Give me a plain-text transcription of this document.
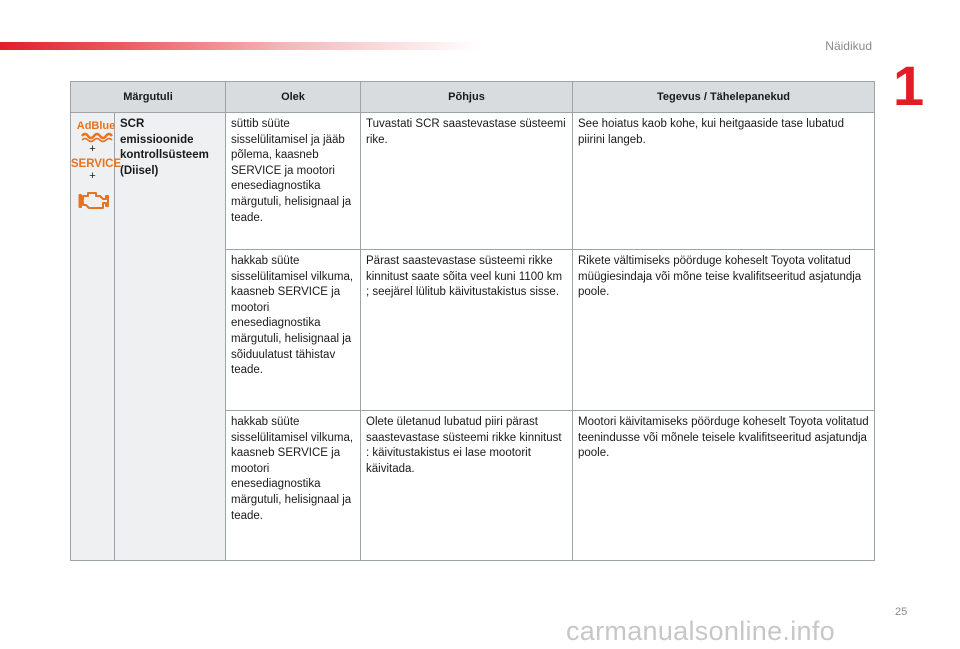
Näidikud
1
Märgutuli		Olek	Põhjus	Tegevus / Tähelepanekud

AdBlue
+
SERVICE
+	SCR emissioonide kontrollsüsteem (Diisel)	süttib süüte sisselülitamisel ja jääb põlema, kaasneb SERVICE ja mootori enesediagnostika märgutuli, helisignaal ja teade.	Tuvastati SCR saastevastase süsteemi rike.	See hoiatus kaob kohe, kui heitgaaside tase lubatud piirini langeb.
		hakkab süüte sisselülitamisel vilkuma, kaasneb SERVICE ja mootori enesediagnostika märgutuli, helisignaal ja sõiduulatust tähistav teade.	Pärast saastevastase süsteemi rikke kinnitust saate sõita veel kuni 1100 km ; seejärel lülitub käivitustakistus sisse.	Rikete vältimiseks pöörduge koheselt Toyota volitatud müügiesindaja või mõne teise kvalifitseeritud asjatundja poole.
		hakkab süüte sisselülitamisel vilkuma, kaasneb SERVICE ja mootori enesediagnostika märgutuli, helisignaal ja teade.	Olete ületanud lubatud piiri pärast saastevastase süsteemi rikke kinnitust : käivitustakistus ei lase mootorit käivitada.	Mootori käivitamiseks pöörduge koheselt Toyota volitatud teenindusse või mõnele teisele kvalifitseeritud asjatundja poole.
25
carmanualsonline.info
